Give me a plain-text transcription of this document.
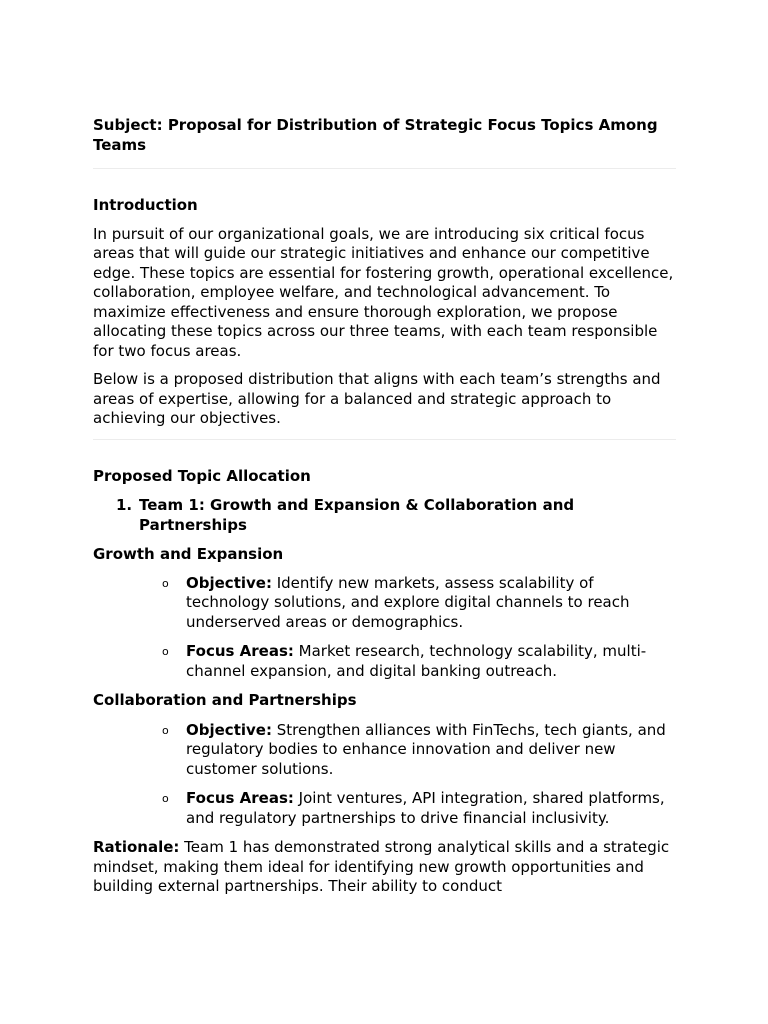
Subject: Proposal for Distribution of Strategic Focus Topics Among Teams

Introduction

In pursuit of our organizational goals, we are introducing six critical focus areas that will guide our strategic initiatives and enhance our competitive edge. These topics are essential for fostering growth, operational excellence, collaboration, employee welfare, and technological advancement. To maximize effectiveness and ensure thorough exploration, we propose allocating these topics across our three teams, with each team responsible for two focus areas.

Below is a proposed distribution that aligns with each team’s strengths and areas of expertise, allowing for a balanced and strategic approach to achieving our objectives.

Proposed Topic Allocation

1. Team 1: Growth and Expansion & Collaboration and Partnerships

Growth and Expansion

o Objective: Identify new markets, assess scalability of technology solutions, and explore digital channels to reach underserved areas or demographics.
o Focus Areas: Market research, technology scalability, multi-channel expansion, and digital banking outreach.

Collaboration and Partnerships

o Objective: Strengthen alliances with FinTechs, tech giants, and regulatory bodies to enhance innovation and deliver new customer solutions.
o Focus Areas: Joint ventures, API integration, shared platforms, and regulatory partnerships to drive financial inclusivity.

Rationale: Team 1 has demonstrated strong analytical skills and a strategic mindset, making them ideal for identifying new growth opportunities and building external partnerships. Their ability to conduct
